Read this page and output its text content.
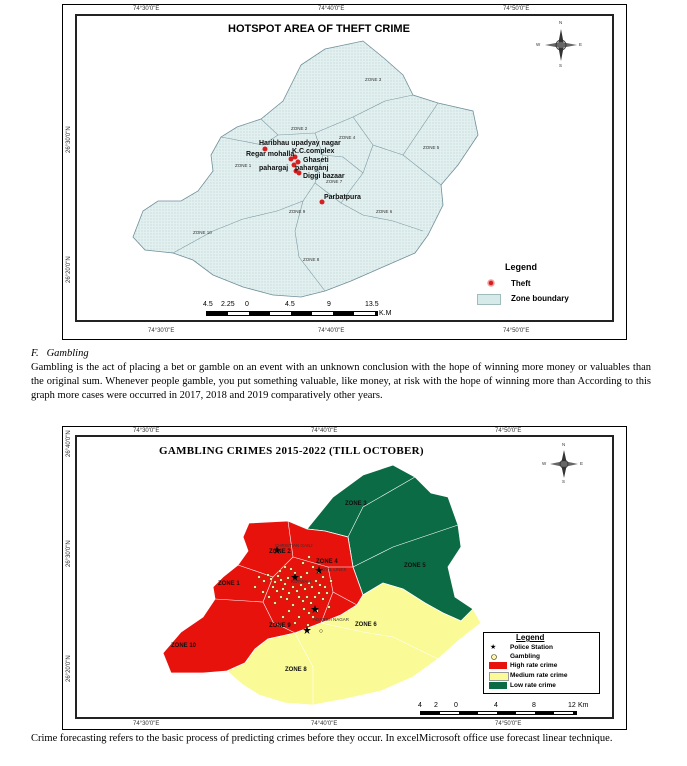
74°30'0"E	74°40'0"E	74°50'0"E
74°30'0"E	74°40'0"E	74°50'0"E
26°30'0"N
26°20'0"N
HOTSPOT AREA OF THEFT CRIME
N
S
E
W
ZONE 1
ZONE 2
ZONE 3
ZONE 4
ZONE 5
ZONE 6
ZONE 7
ZONE 8
ZONE 9
ZONE 10
Haribhau upadyay nagar
Regar mohalla
K.C.complex
Ghaseti
pahargaj paharganj
Diggi bazaar
Parbatpura
Legend
Theft
Zone boundary
4.5 2.25 0	4.5	9	13.5
K.M
F. Gambling
Gambling is the act of placing a bet or gamble on an event with an unknown conclusion with the hope of winning more money or valuables than the original sum. Whenever people gamble, you put something valuable, like money, at risk with the hope of winning more than According to this graph more cases were occurred in 2017, 2018 and 2019 comparatively other years.
74°30'0"E	74°40'0"E	74°50'0"E
74°30'0"E	74°40'0"E	74°50'0"E
26°40'0"N
26°30'0"N
26°20'0"N
GAMBLING CRIMES 2015-2022 (TILL OCTOBER)
N
S
E
W
ZONE 3
ZONE 2
ZONE 4
ZONE 5
ZONE 1
ZONE 6
ZONE 9
ZONE 10
ZONE 8
CHRISTIAN GANJ
CIVIL LINES
KOTWALI
ADARSH NAGAR
Legend
★ Police Station
Gambling
High rate crime
Medium rate crime
Low rate crime
4 2 0	4	8	12 Km
Crime forecasting refers to the basic process of predicting crimes before they occur. In excelMicrosoft office use forecast linear technique.
